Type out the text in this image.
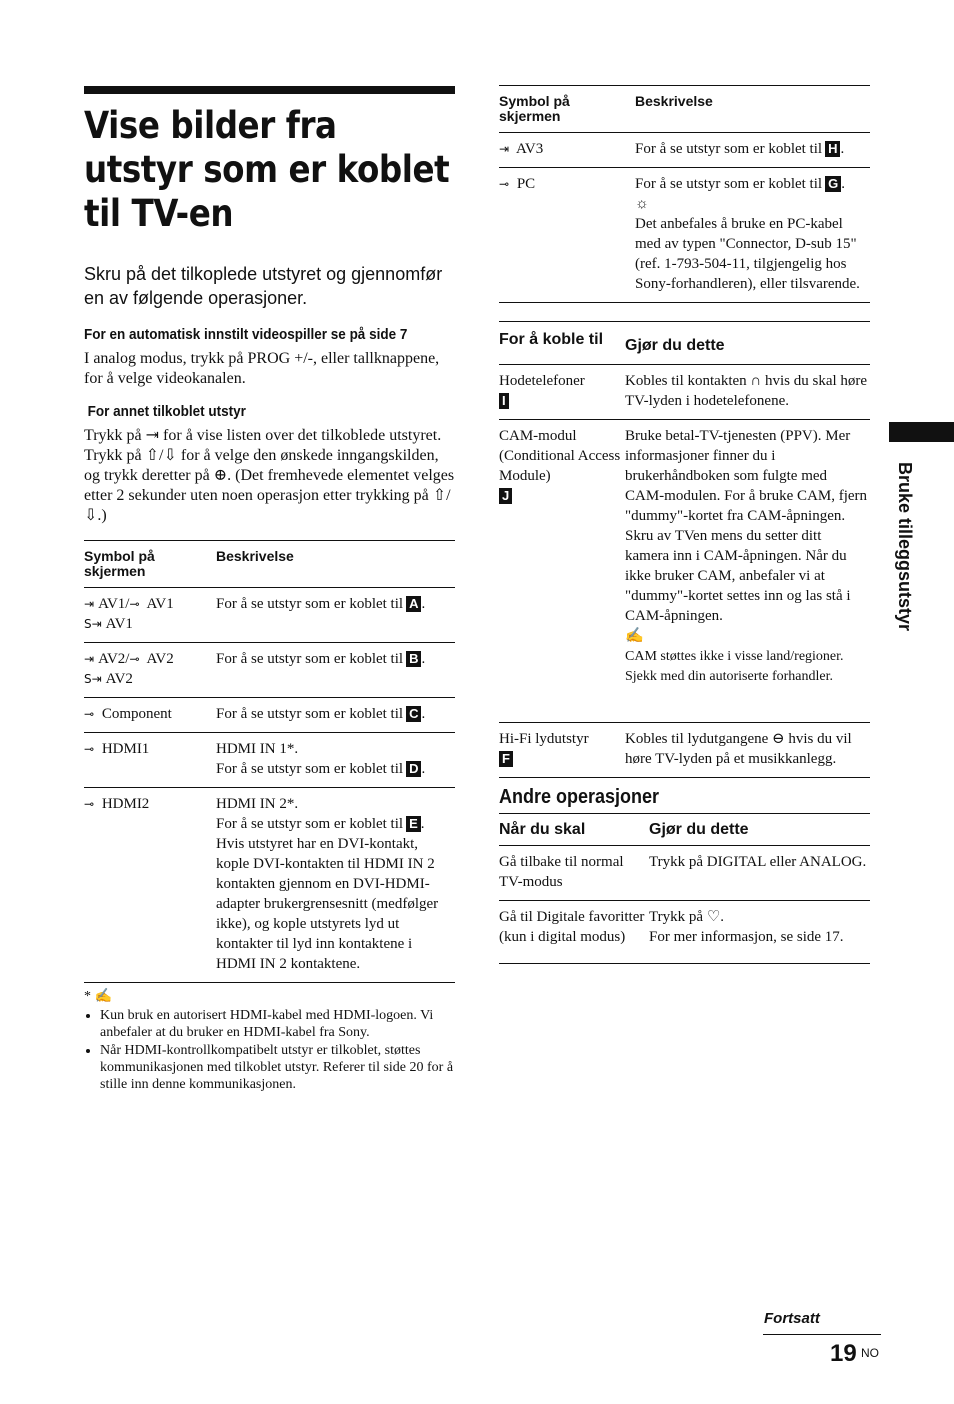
Vise bilder fra utstyr som er koblet til TV-en
Skru på det tilkoplede utstyret og gjennomfør en av følgende operasjoner.
For en automatisk innstilt videospiller se på side 7
I analog modus, trykk på PROG +/-, eller tallknappene, for å velge videokanalen.
For annet tilkoblet utstyr
Trykk på ⇥ for å vise listen over det tilkoblede utstyret. Trykk på ⇧/⇩ for å velge den ønskede inngangskilden, og trykk deretter på ⊕. (Det fremhevede elementet velges etter 2 sekunder uten noen operasjon etter trykking på ⇧/⇩.)
Symbol på skjermen	Beskrivelse
⇥ AV1/⊸ AV1
S⇥ AV1	For å se utstyr som er koblet til A .
⇥ AV2/⊸ AV2
S⇥ AV2	For å se utstyr som er koblet til B .
⊸ Component	For å se utstyr som er koblet til C .
⊸ HDMI1	HDMI IN 1*.
For å se utstyr som er koblet til D .
⊸ HDMI2	HDMI IN 2*.
For å se utstyr som er koblet til E .
Hvis utstyret har en DVI-kontakt, kople DVI-kontakten til HDMI IN 2 kontakten gjennom en DVI-HDMI-adapter brukergrensesnitt (medfølger ikke), og kople utstyrets lyd ut kontakter til lyd inn kontaktene i HDMI IN 2 kontaktene.
* ✍
• Kun bruk en autorisert HDMI-kabel med HDMI-logoen. Vi anbefaler at du bruker en HDMI-kabel fra Sony.
• Når HDMI-kontrollkompatibelt utstyr er tilkoblet, støttes kommunikasjonen med tilkoblet utstyr. Referer til side 20 for å stille inn denne kommunikasjonen.
Symbol på skjermen	Beskrivelse
⇥ AV3	For å se utstyr som er koblet til H .
⊸ PC	For å se utstyr som er koblet til G .
☼
Det anbefales å bruke en PC-kabel med av typen "Connector, D-sub 15" (ref. 1-793-504-11, tilgjengelig hos Sony-forhandleren), eller tilsvarende.
For å koble til	Gjør du dette
Hodetelefoner
I	Kobles til kontakten ∩ hvis du skal høre TV-lyden i hodetelefonene.
CAM-modul (Conditional Access Module)
J	Bruke betal-TV-tjenesten (PPV). Mer informasjoner finner du i brukerhåndboken som fulgte med CAM-modulen. For å bruke CAM, fjern "dummy"-kortet fra CAM-åpningen. Skru av TVen mens du setter ditt kamera inn i CAM-åpningen. Når du ikke bruker CAM, anbefaler vi at "dummy"-kortet settes inn og las stå i CAM-åpningen.
✍
CAM støttes ikke i visse land/regioner. Sjekk med din autoriserte forhandler.

Hi-Fi lydutstyr
F	Kobles til lydutgangene ⊖ hvis du vil høre TV-lyden på et musikkanlegg.
Andre operasjoner
Når du skal	Gjør du dette
Gå tilbake til normal TV-modus	Trykk på DIGITAL eller ANALOG.
Gå til Digitale favoritter (kun i digital modus)	Trykk på ♡.
For mer informasjon, se side 17.
Bruke tilleggsutstyr
Fortsatt
19 NO
